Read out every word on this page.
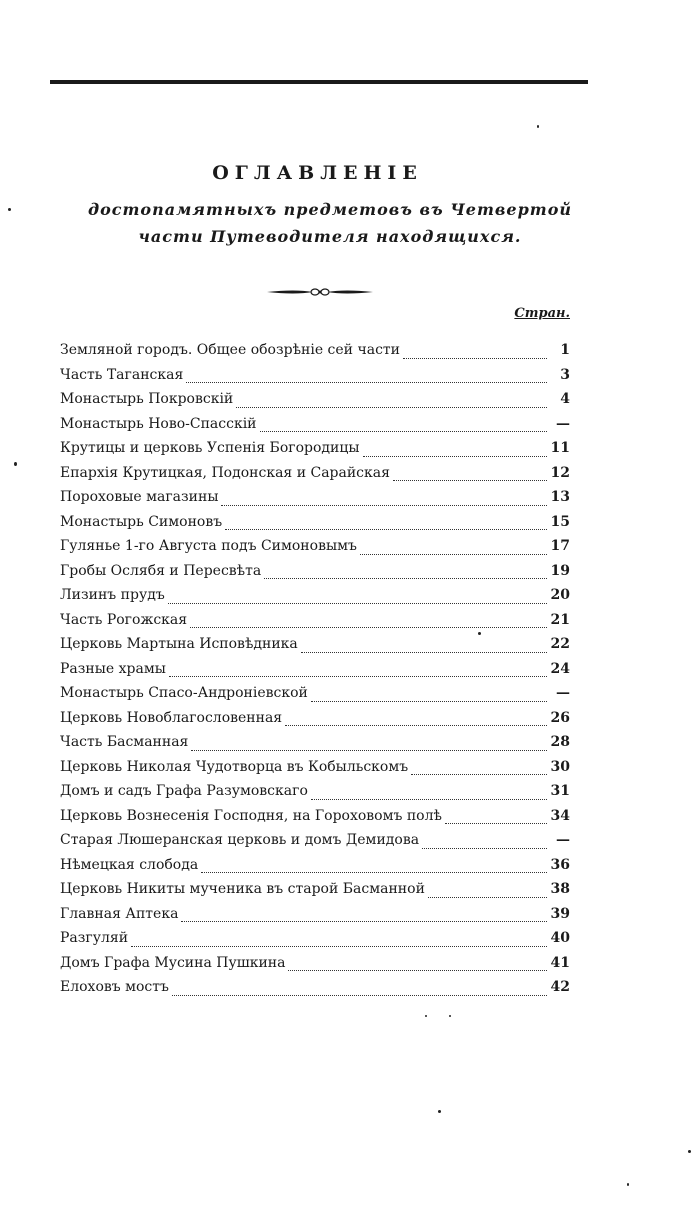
ОГЛАВЛЕНІЕ
достопамятныхъ предметовъ въ Четвертой
части Путеводителя находящихся.
Стран.
Земляной городъ. Общее обозрѣніе сей части	1
Часть Таганская	3
Монастырь Покровскій	4
Монастырь Ново-Спасскій	—
Крутицы и церковь Успенія Богородицы	11
Епархія Крутицкая, Подонская и Сарайская	12
Пороховые магазины	13
Монастырь Симоновъ	15
Гулянье 1-го Августа подъ Симоновымъ	17
Гробы Ослябя и Пересвѣта	19
Лизинъ прудъ	20
Часть Рогожская	21
Церковь Мартына Исповѣдника	22
Разные храмы	24
Монастырь Спасо-Андроніевской	—
Церковь Новоблагословенная	26
Часть Басманная	28
Церковь Николая Чудотворца въ Кобыльскомъ	30
Домъ и садъ Графа Разумовскаго	31
Церковь Вознесенія Господня, на Гороховомъ полѣ	34
Старая Люшеранская церковь и домъ Демидова	—
Нѣмецкая слобода	36
Церковь Никиты мученика въ старой Басманной	38
Главная Аптека	39
Разгуляй	40
Домъ Графа Мусина Пушкина	41
Елоховъ мостъ	42
